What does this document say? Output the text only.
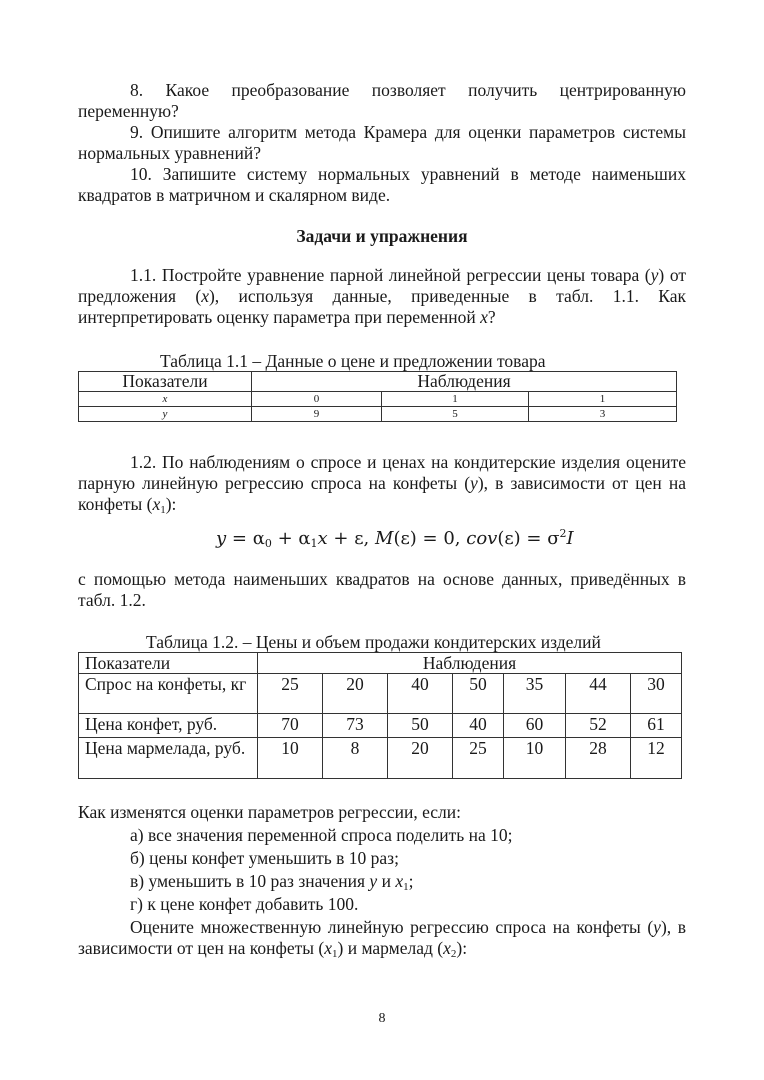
8. Какое преобразование позволяет получить центрированную переменную?
9. Опишите алгоритм метода Крамера для оценки параметров системы нормальных уравнений?
10. Запишите систему нормальных уравнений в методе наименьших квадратов в матричном и скалярном виде.
Задачи и упражнения
1.1. Постройте уравнение парной линейной регрессии цены товара (y) от предложения (x), используя данные, приведенные в табл. 1.1. Как интерпретировать оценку параметра при переменной x?
Таблица 1.1 – Данные о цене и предложении товара
Показатели	Наблюдения		
x	0	1	1
y	9	5	3
1.2. По наблюдениям о спросе и ценах на кондитерские изделия оцените парную линейную регрессию спроса на конфеты (y), в зависимости от цен на конфеты $(x_1)$:
$y = \alpha_0 + \alpha_1x + \varepsilon$, M(ε) = 0, $cov(\varepsilon) = \sigma^2I$
с помощью метода наименьших квадратов на основе данных, приведённых в табл. 1.2.
Таблица 1.2. – Цены и объем продажи кондитерских изделий
Показатели	Наблюдения						
Спрос на конфеты, кг	25	20	40	50	35	44	30
Цена конфет, руб.	70	73	50	40	60	52	61
Цена мармелада, руб.	10	8	20	25	10	28	12
Как изменятся оценки параметров регрессии, если:
а) все значения переменной спроса поделить на 10;
б) цены конфет уменьшить в 10 раз;
в) уменьшить в 10 раз значения y и $x_1$;
г) к цене конфет добавить 100.
Оцените множественную линейную регрессию спроса на конфеты (y), в зависимости от цен на конфеты $(x_1)$ и мармелад $(x_2)$:
8
